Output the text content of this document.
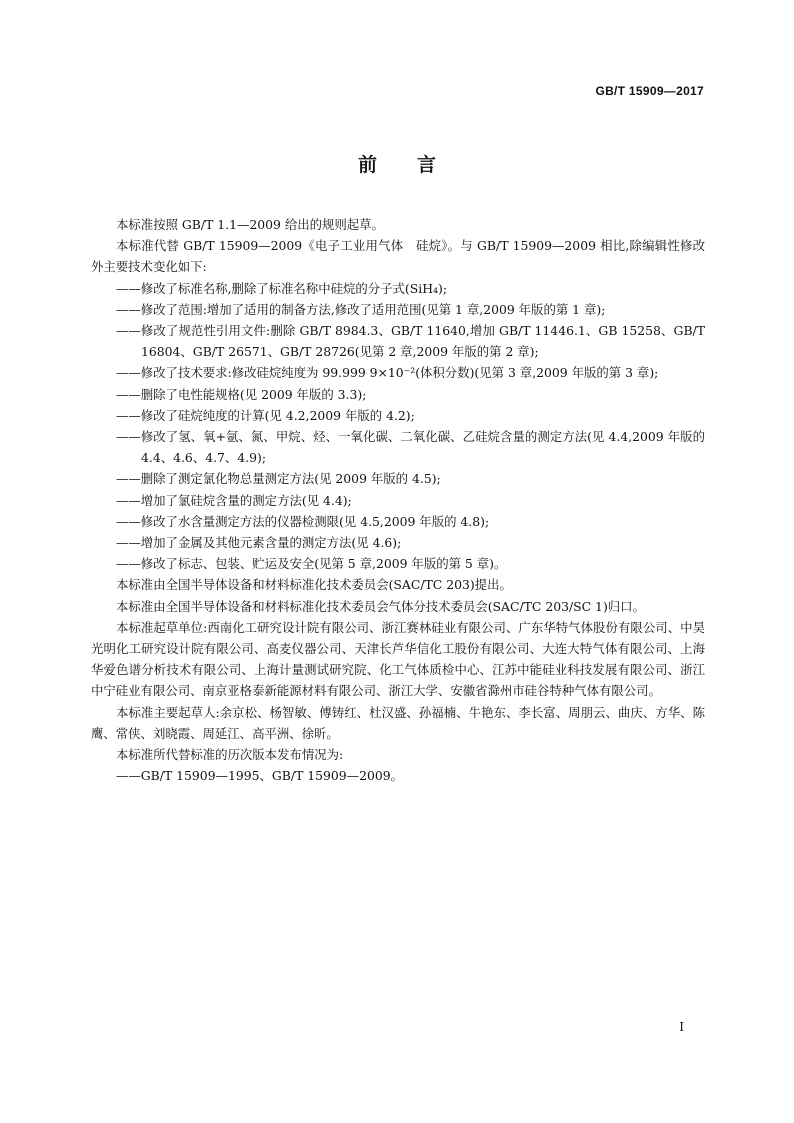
GB/T 15909—2017
前 言

本标准按照 GB/T 1.1—2009 给出的规则起草。

本标准代替 GB/T 15909—2009《电子工业用气体　硅烷》。与 GB/T 15909—2009 相比,除编辑性修改外主要技术变化如下:

——修改了标准名称,删除了标准名称中硅烷的分子式(SiH₄);

——修改了范围:增加了适用的制备方法,修改了适用范围(见第 1 章,2009 年版的第 1 章);

——修改了规范性引用文件:删除 GB/T 8984.3、GB/T 11640,增加 GB/T 11446.1、GB 15258、GB/T 16804、GB/T 26571、GB/T 28726(见第 2 章,2009 年版的第 2 章);

——修改了技术要求:修改硅烷纯度为 99.999 9×10⁻²(体积分数)(见第 3 章,2009 年版的第 3 章);

——删除了电性能规格(见 2009 年版的 3.3);

——修改了硅烷纯度的计算(见 4.2,2009 年版的 4.2);

——修改了氢、氧+氩、氮、甲烷、烃、一氧化碳、二氧化碳、乙硅烷含量的测定方法(见 4.4,2009 年版的 4.4、4.6、4.7、4.9);

——删除了测定氯化物总量测定方法(见 2009 年版的 4.5);

——增加了氯硅烷含量的测定方法(见 4.4);

——修改了水含量测定方法的仪器检测限(见 4.5,2009 年版的 4.8);

——增加了金属及其他元素含量的测定方法(见 4.6);

——修改了标志、包装、贮运及安全(见第 5 章,2009 年版的第 5 章)。

本标准由全国半导体设备和材料标准化技术委员会(SAC/TC 203)提出。

本标准由全国半导体设备和材料标准化技术委员会气体分技术委员会(SAC/TC 203/SC 1)归口。

本标准起草单位:西南化工研究设计院有限公司、浙江赛林硅业有限公司、广东华特气体股份有限公司、中昊光明化工研究设计院有限公司、高麦仪器公司、天津长芦华信化工股份有限公司、大连大特气体有限公司、上海华爱色谱分析技术有限公司、上海计量测试研究院、化工气体质检中心、江苏中能硅业科技发展有限公司、浙江中宁硅业有限公司、南京亚格泰新能源材料有限公司、浙江大学、安徽省滁州市硅谷特种气体有限公司。

本标准主要起草人:余京松、杨智敏、傅铸红、杜汉盛、孙福楠、牛艳东、李长富、周朋云、曲庆、方华、陈鹰、常侠、刘晓霞、周延江、高平洲、徐昕。

本标准所代替标准的历次版本发布情况为:

——GB/T 15909—1995、GB/T 15909—2009。

I
